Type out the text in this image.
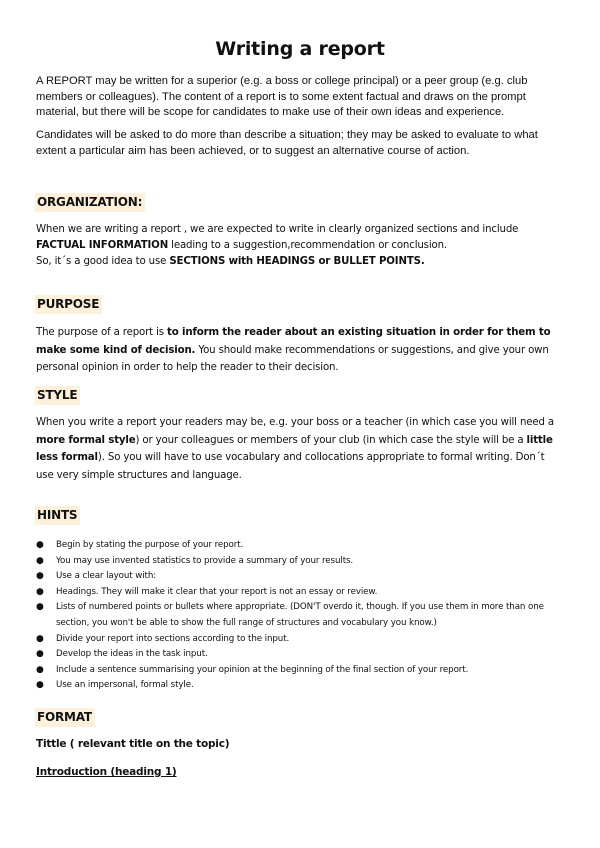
Writing a report

A REPORT may be written for a superior (e.g. a boss or college principal) or a peer group (e.g. club members or colleagues). The content of a report is to some extent factual and draws on the prompt material, but there will be scope for candidates to make use of their own ideas and experience.

Candidates will be asked to do more than describe a situation; they may be asked to evaluate to what extent a particular aim has been achieved, or to suggest an alternative course of action.

ORGANIZATION:

When we are writing a report , we are expected to write in clearly organized sections and include
FACTUAL INFORMATION leading to a suggestion,recommendation or conclusion.
So, it´s a good idea to use SECTIONS with HEADINGS or BULLET POINTS.

PURPOSE

The purpose of a report is to inform the reader about an existing situation in order for them to make some kind of decision. You should make recommendations or suggestions, and give your own personal opinion in order to help the reader to their decision.

STYLE

When you write a report your readers may be, e.g. your boss or a teacher (in which case you will need a more formal style) or your colleagues or members of your club (in which case the style will be a little less formal). So you will have to use vocabulary and collocations appropriate to formal writing. Don´t use very simple structures and language.

HINTS
● Begin by stating the purpose of your report.
● You may use invented statistics to provide a summary of your results.
● Use a clear layout with:
● Headings. They will make it clear that your report is not an essay or review.
● Lists of numbered points or bullets where appropriate. (DON'T overdo it, though. If you use them in more than one section, you won't be able to show the full range of structures and vocabulary you know.)
● Divide your report into sections according to the input.
● Develop the ideas in the task input.
● Include a sentence summarising your opinion at the beginning of the final section of your report.
● Use an impersonal, formal style.
FORMAT
Tittle ( relevant title on the topic)
Introduction (heading 1)
